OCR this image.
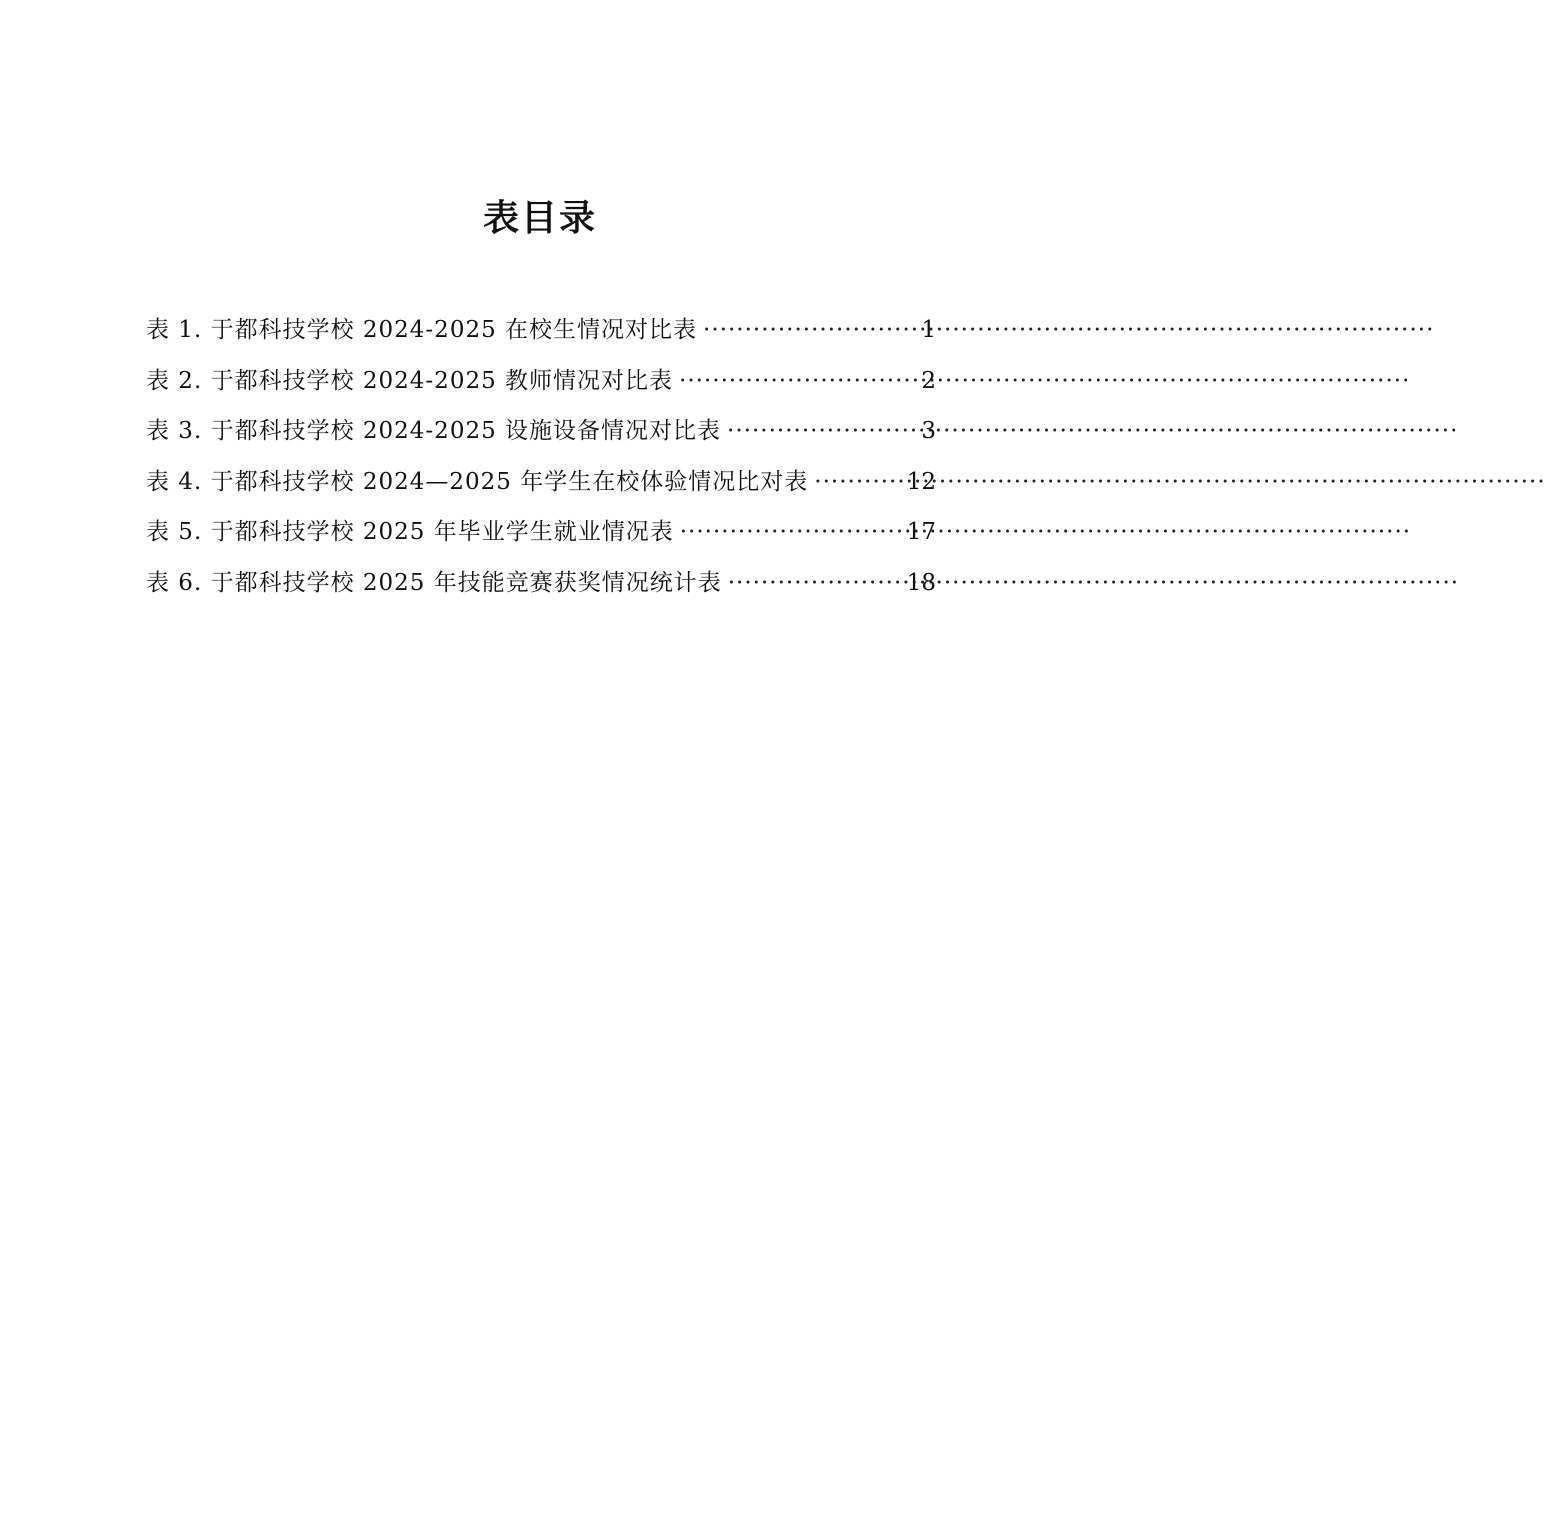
表目录
表 1. 于都科技学校 2024-2025 在校生情况对比表 ·····	1
表 2. 于都科技学校 2024-2025 教师情况对比表 ·····	2
表 3. 于都科技学校 2024-2025 设施设备情况对比表 ·····	3
表 4. 于都科技学校 2024—2025 年学生在校体验情况比对表 ·····	12
表 5. 于都科技学校 2025 年毕业学生就业情况表 ·····	17
表 6. 于都科技学校 2025 年技能竞赛获奖情况统计表 ·····	18
